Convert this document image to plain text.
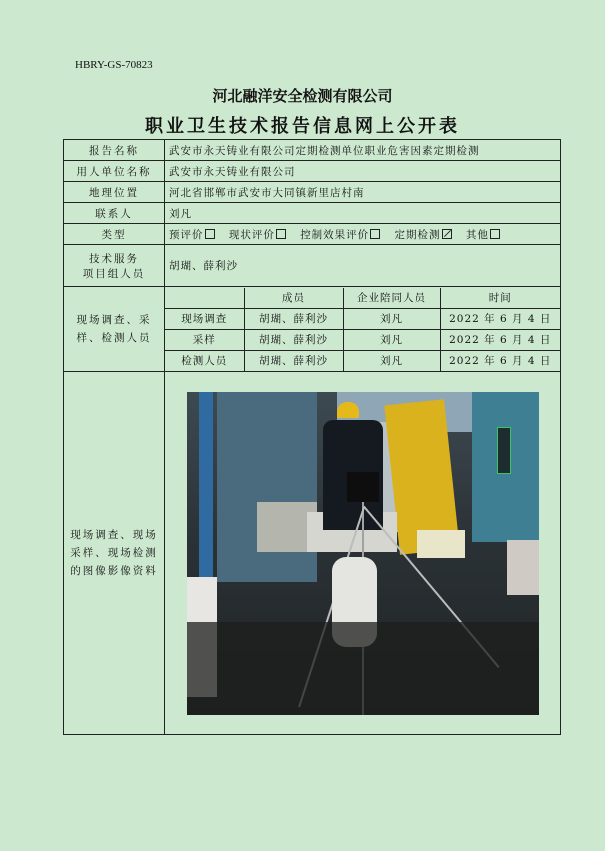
HBRY-GS-70823
河北融洋安全检测有限公司
职业卫生技术报告信息网上公开表
报告名称	武安市永天铸业有限公司定期检测单位职业危害因素定期检测
用人单位名称	武安市永天铸业有限公司
地理位置	河北省邯郸市武安市大同镇新里店村南
联系人	刘凡
类型	预评价 现状评价 控制效果评价 定期检测 其他

技术服务
项目组人员
	胡瑚、薛利沙
现场调查、采样、检测人员	
	成员	企业陪同人员	时间
现场调查	胡瑚、薛利沙	刘凡	2022 年 6 月 4 日
采样	胡瑚、薛利沙	刘凡	2022 年 6 月 4 日
检测人员	胡瑚、薛利沙	刘凡	2022 年 6 月 4 日

现场调查、现场采样、现场检测的图像影像资料	
